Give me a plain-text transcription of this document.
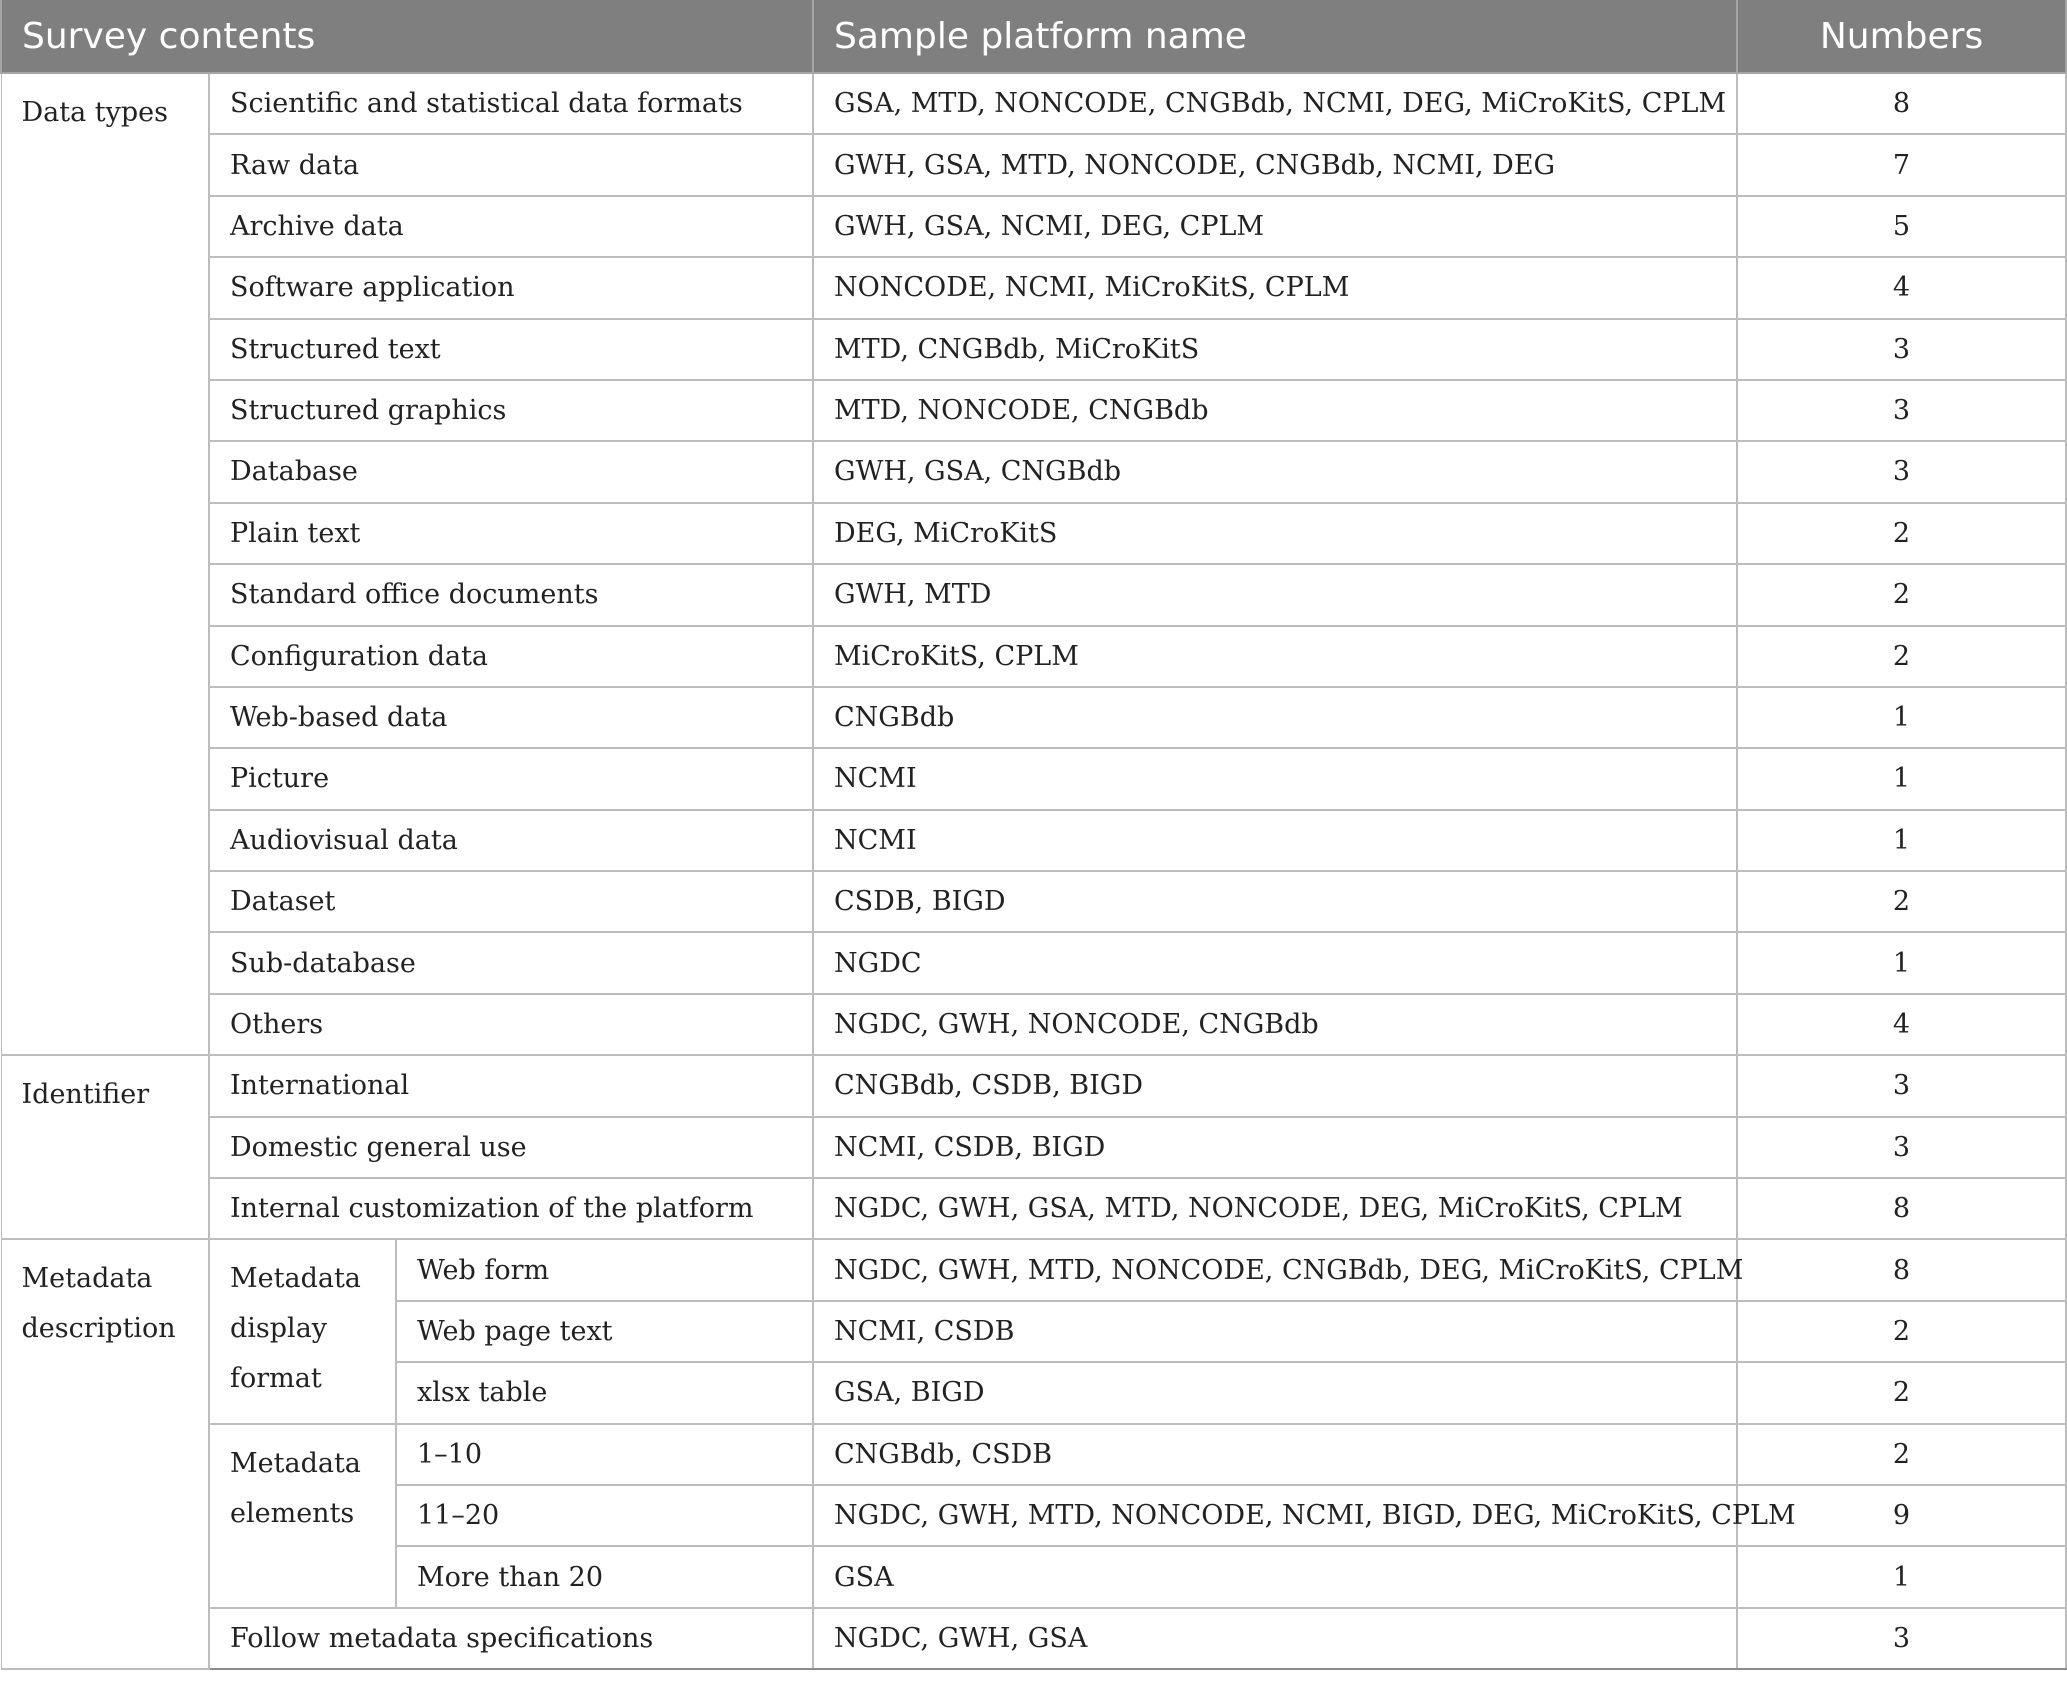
Survey contents			Sample platform name	Numbers
Data types	Scientific and statistical data formats		GSA, MTD, NONCODE, CNGBdb, NCMI, DEG, MiCroKitS, CPLM	8
	Raw data		GWH, GSA, MTD, NONCODE, CNGBdb, NCMI, DEG	7
	Archive data		GWH, GSA, NCMI, DEG, CPLM	5
	Software application		NONCODE, NCMI, MiCroKitS, CPLM	4
	Structured text		MTD, CNGBdb, MiCroKitS	3
	Structured graphics		MTD, NONCODE, CNGBdb	3
	Database		GWH, GSA, CNGBdb	3
	Plain text		DEG, MiCroKitS	2
	Standard office documents		GWH, MTD	2
	Configuration data		MiCroKitS, CPLM	2
	Web-based data		CNGBdb	1
	Picture		NCMI	1
	Audiovisual data		NCMI	1
	Dataset		CSDB, BIGD	2
	Sub-database		NGDC	1
	Others		NGDC, GWH, NONCODE, CNGBdb	4
Identifier	International		CNGBdb, CSDB, BIGD	3
	Domestic general use		NCMI, CSDB, BIGD	3
	Internal customization of the platform		NGDC, GWH, GSA, MTD, NONCODE, DEG, MiCroKitS, CPLM	8
Metadata description	Metadata display format	Web form	NGDC, GWH, MTD, NONCODE, CNGBdb, DEG, MiCroKitS, CPLM	8
		Web page text	NCMI, CSDB	2
		xlsx table	GSA, BIGD	2
	Metadata elements	1–10	CNGBdb, CSDB	2
		11–20	NGDC, GWH, MTD, NONCODE, NCMI, BIGD, DEG, MiCroKitS, CPLM	9
		More than 20	GSA	1
	Follow metadata specifications		NGDC, GWH, GSA	3
